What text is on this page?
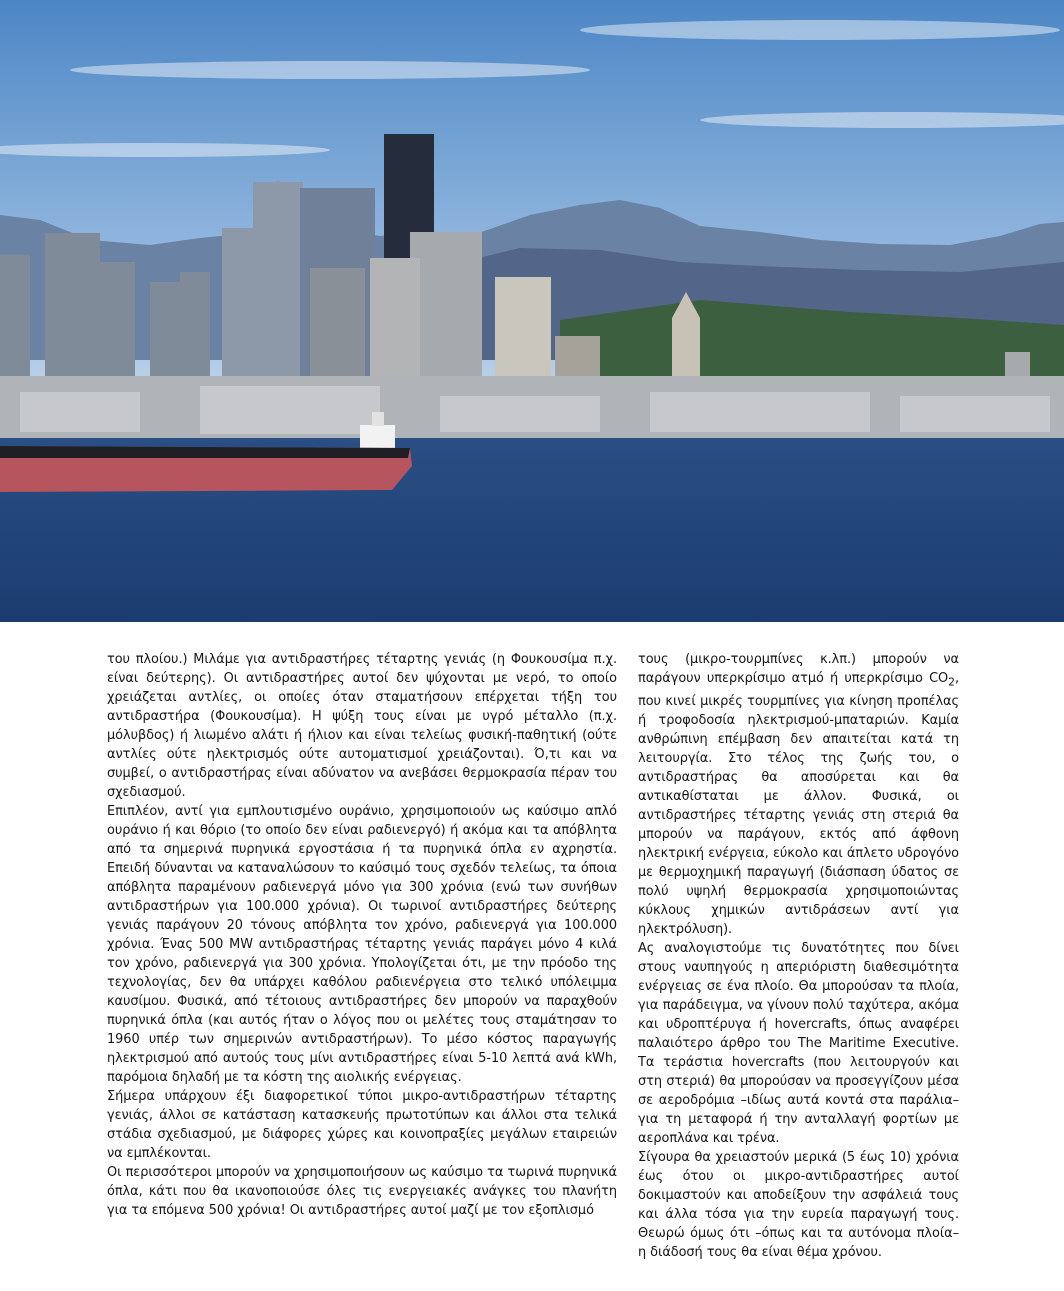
του πλοίου.) Μιλάμε για αντιδραστήρες τέταρτης γενιάς (η Φουκουσίμα π.χ. είναι δεύτερης). Οι αντιδραστήρες αυτοί δεν ψύχονται με νερό, το οποίο χρειάζεται αντλίες, οι οποίες όταν σταματήσουν επέρχεται τήξη του αντιδραστήρα (Φουκουσίμα). Η ψύξη τους είναι με υγρό μέταλλο (π.χ. μόλυβδος) ή λιωμένο αλάτι ή ήλιον και είναι τελείως φυσική-παθητική (ούτε αντλίες ούτε ηλεκτρισμός ούτε αυτοματισμοί χρειάζονται). Ό,τι και να συμβεί, ο αντιδραστήρας είναι αδύνατον να ανεβάσει θερμοκρασία πέραν του σχεδιασμού.

Επιπλέον, αντί για εμπλουτισμένο ουράνιο, χρησιμοποιούν ως καύσιμο απλό ουράνιο ή και θόριο (το οποίο δεν είναι ραδιενεργό) ή ακόμα και τα απόβλητα από τα σημερινά πυρηνικά εργοστάσια ή τα πυρηνικά όπλα εν αχρηστία. Επειδή δύνανται να καταναλώσουν το καύσιμό τους σχεδόν τελείως, τα όποια απόβλητα παραμένουν ραδιενεργά μόνο για 300 χρόνια (ενώ των συνήθων αντιδραστήρων για 100.000 χρόνια). Οι τωρινοί αντιδραστήρες δεύτερης γενιάς παράγουν 20 τόνους απόβλητα τον χρόνο, ραδιενεργά για 100.000 χρόνια. Ένας 500 MW αντιδραστήρας τέταρτης γενιάς παράγει μόνο 4 κιλά τον χρόνο, ραδιενεργά για 300 χρόνια. Υπολογίζεται ότι, με την πρόοδο της τεχνολογίας, δεν θα υπάρχει καθόλου ραδιενέργεια στο τελικό υπόλειμμα καυσίμου. Φυσικά, από τέτοιους αντιδραστήρες δεν μπορούν να παραχθούν πυρηνικά όπλα (και αυτός ήταν ο λόγος που οι μελέτες τους σταμάτησαν το 1960 υπέρ των σημερινών αντιδραστήρων). Το μέσο κόστος παραγωγής ηλεκτρισμού από αυτούς τους μίνι αντιδραστήρες είναι 5-10 λεπτά ανά kWh, παρόμοια δηλαδή με τα κόστη της αιολικής ενέργειας.

Σήμερα υπάρχουν έξι διαφορετικοί τύποι μικρο-αντιδραστήρων τέταρτης γενιάς, άλλοι σε κατάσταση κατασκευής πρωτοτύπων και άλλοι στα τελικά στάδια σχεδιασμού, με διάφορες χώρες και κοινοπραξίες μεγάλων εταιρειών να εμπλέκονται.

Οι περισσότεροι μπορούν να χρησιμοποιήσουν ως καύσιμο τα τωρινά πυρηνικά όπλα, κάτι που θα ικανοποιούσε όλες τις ενεργειακές ανάγκες του πλανήτη για τα επόμενα 500 χρόνια! Οι αντιδραστήρες αυτοί μαζί με τον εξοπλισμό

τους (μικρο-τουρμπίνες κ.λπ.) μπορούν να παράγουν υπερκρίσιμο ατμό ή υπερκρίσιμο $CO_2$, που κινεί μικρές τουρμπίνες για κίνηση προπέλας ή τροφοδοσία ηλεκτρισμού-μπαταριών. Καμία ανθρώπινη επέμβαση δεν απαιτείται κατά τη λειτουργία. Στο τέλος της ζωής του, ο αντιδραστήρας θα αποσύρεται και θα αντικαθίσταται με άλλον. Φυσικά, οι αντιδραστήρες τέταρτης γενιάς στη στεριά θα μπορούν να παράγουν, εκτός από άφθονη ηλεκτρική ενέργεια, εύκολο και άπλετο υδρογόνο με θερμοχημική παραγωγή (διάσπαση ύδατος σε πολύ υψηλή θερμοκρασία χρησιμοποιώντας κύκλους χημικών αντιδράσεων αντί για ηλεκτρόλυση).

Ας αναλογιστούμε τις δυνατότητες που δίνει στους ναυπηγούς η απεριόριστη διαθεσιμότητα ενέργειας σε ένα πλοίο. Θα μπορούσαν τα πλοία, για παράδειγμα, να γίνουν πολύ ταχύτερα, ακόμα και υδροπτέρυγα ή hovercrafts, όπως αναφέρει παλαιότερο άρθρο του The Maritime Executive. Τα τεράστια hovercrafts (που λειτουργούν και στη στεριά) θα μπορούσαν να προσεγγίζουν μέσα σε αεροδρόμια –ιδίως αυτά κοντά στα παράλια– για τη μεταφορά ή την ανταλλαγή φορτίων με αεροπλάνα και τρένα.

Σίγουρα θα χρειαστούν μερικά (5 έως 10) χρόνια έως ότου οι μικρο-αντιδραστήρες αυτοί δοκιμαστούν και αποδείξουν την ασφάλειά τους και άλλα τόσα για την ευρεία παραγωγή τους. Θεωρώ όμως ότι –όπως και τα αυτόνομα πλοία– η διάδοσή τους θα είναι θέμα χρόνου.
